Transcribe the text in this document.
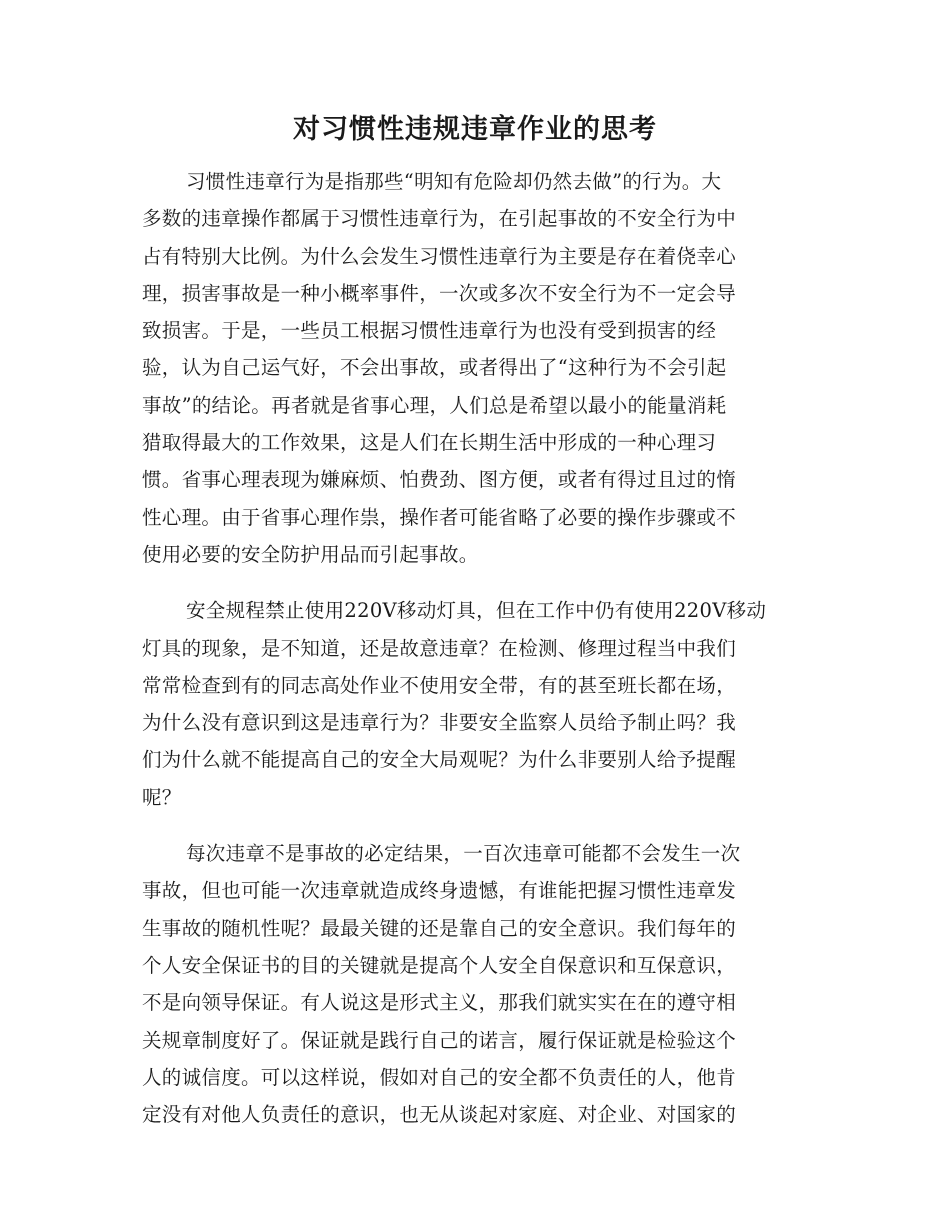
对习惯性违规违章作业的思考
习惯性违章行为是指那些“明知有危险却仍然去做”的行为。大
多数的违章操作都属于习惯性违章行为，在引起事故的不安全行为中
占有特别大比例。为什么会发生习惯性违章行为主要是存在着侥幸心
理，损害事故是一种小概率事件，一次或多次不安全行为不一定会导
致损害。于是，一些员工根据习惯性违章行为也没有受到损害的经
验，认为自己运气好，不会出事故，或者得出了“这种行为不会引起
事故”的结论。再者就是省事心理，人们总是希望以最小的能量消耗
猎取得最大的工作效果，这是人们在长期生活中形成的一种心理习
惯。省事心理表现为嫌麻烦、怕费劲、图方便，或者有得过且过的惰
性心理。由于省事心理作祟，操作者可能省略了必要的操作步骤或不
使用必要的安全防护用品而引起事故。
安全规程禁止使用220V移动灯具，但在工作中仍有使用220V移动
灯具的现象，是不知道，还是故意违章？在检测、修理过程当中我们
常常检查到有的同志高处作业不使用安全带，有的甚至班长都在场，
为什么没有意识到这是违章行为？非要安全监察人员给予制止吗？我
们为什么就不能提高自己的安全大局观呢？为什么非要别人给予提醒
呢？
每次违章不是事故的必定结果，一百次违章可能都不会发生一次
事故，但也可能一次违章就造成终身遗憾，有谁能把握习惯性违章发
生事故的随机性呢？最最关键的还是靠自己的安全意识。我们每年的
个人安全保证书的目的关键就是提高个人安全自保意识和互保意识，
不是向领导保证。有人说这是形式主义，那我们就实实在在的遵守相
关规章制度好了。保证就是践行自己的诺言，履行保证就是检验这个
人的诚信度。可以这样说，假如对自己的安全都不负责任的人，他肯
定没有对他人负责任的意识，也无从谈起对家庭、对企业、对国家的
